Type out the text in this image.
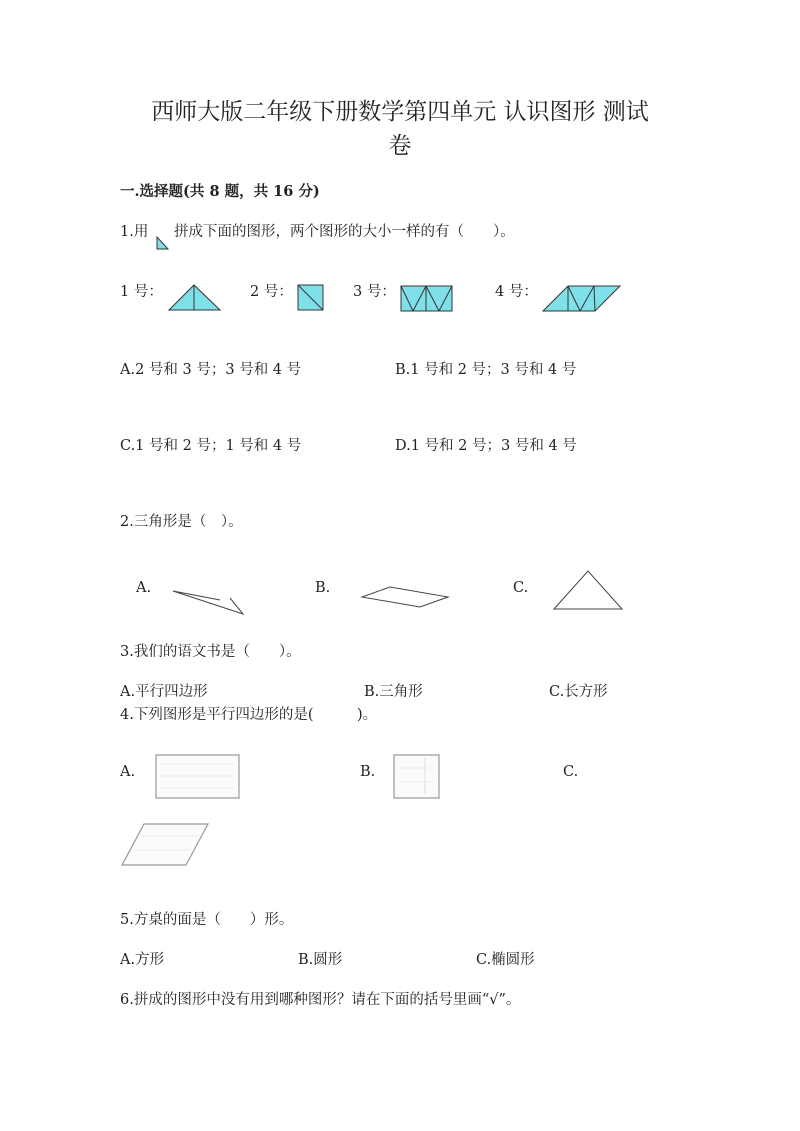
西师大版二年级下册数学第四单元 认识图形 测试
卷
一.选择题(共 8 题，共 16 分)
1.用 拼成下面的图形，两个图形的大小一样的有（　　）。
1 号：	2 号：	3 号：	4 号：
A.2 号和 3 号；3 号和 4 号	B.1 号和 2 号；3 号和 4 号
C.1 号和 2 号；1 号和 4 号	D.1 号和 2 号；3 号和 4 号
2.三角形是（　）。
A.	B.	C.
3.我们的语文书是（　　）。
A.平行四边形	B.三角形	C.长方形
4.下列图形是平行四边形的是(　　　)。
A.	B.	C.
5.方桌的面是（　　）形。
A.方形	B.圆形	C.椭圆形
6.拼成的图形中没有用到哪种图形？请在下面的括号里画“√”。
